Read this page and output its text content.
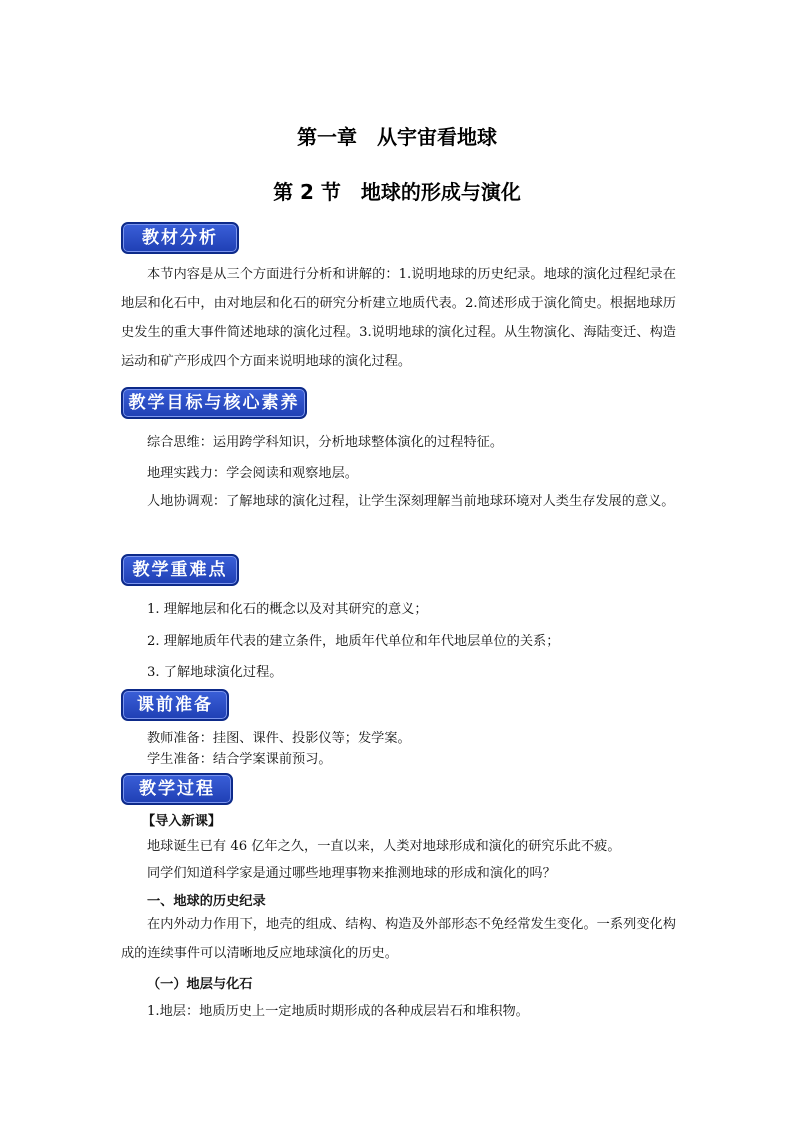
第一章　从宇宙看地球
第 2 节　地球的形成与演化
教材分析
本节内容是从三个方面进行分析和讲解的：1.说明地球的历史纪录。地球的演化过程纪录在地层和化石中，由对地层和化石的研究分析建立地质代表。2.简述形成于演化简史。根据地球历史发生的重大事件简述地球的演化过程。3.说明地球的演化过程。从生物演化、海陆变迁、构造运动和矿产形成四个方面来说明地球的演化过程。
教学目标与核心素养
综合思维：运用跨学科知识，分析地球整体演化的过程特征。
地理实践力：学会阅读和观察地层。
人地协调观：了解地球的演化过程，让学生深刻理解当前地球环境对人类生存发展的意义。
教学重难点
1. 理解地层和化石的概念以及对其研究的意义；
2. 理解地质年代表的建立条件，地质年代单位和年代地层单位的关系；
3. 了解地球演化过程。
课前准备
教师准备：挂图、课件、投影仪等；发学案。
学生准备：结合学案课前预习。
教学过程
【导入新课】
地球诞生已有 46 亿年之久，一直以来，人类对地球形成和演化的研究乐此不疲。
同学们知道科学家是通过哪些地理事物来推测地球的形成和演化的吗？
一、地球的历史纪录
在内外动力作用下，地壳的组成、结构、构造及外部形态不免经常发生变化。一系列变化构成的连续事件可以清晰地反应地球演化的历史。
（一）地层与化石
1.地层：地质历史上一定地质时期形成的各种成层岩石和堆积物。
